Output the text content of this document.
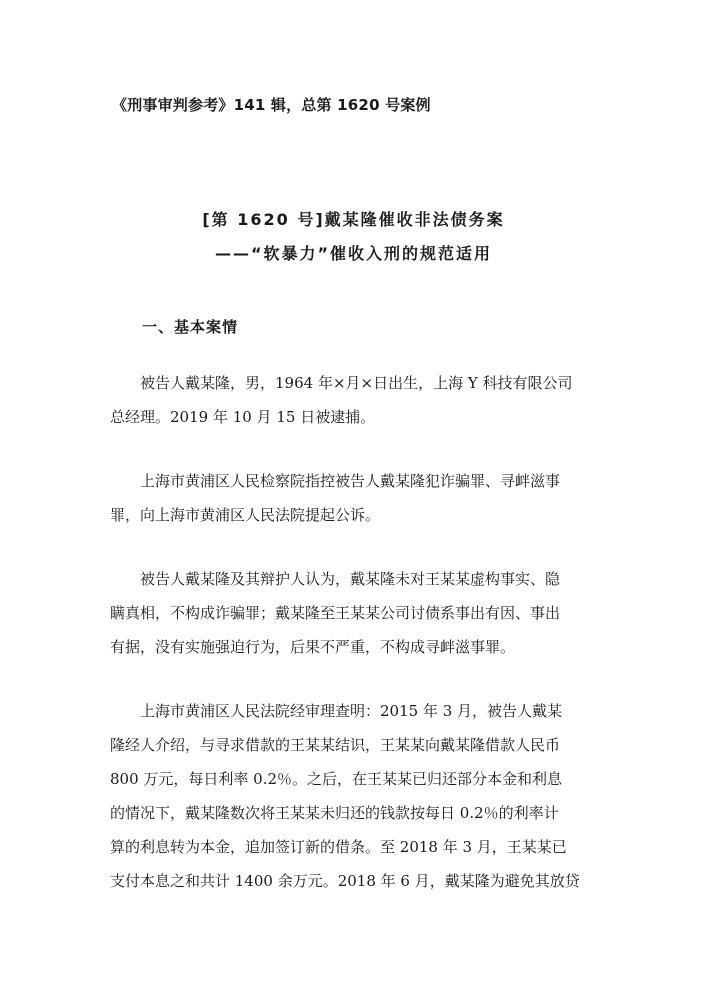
《刑事审判参考》141 辑，总第 1620 号案例
[第 1620 号]戴某隆催收非法债务案
——“软暴力”催收入刑的规范适用
一、基本案情
被告人戴某隆，男，1964 年×月×日出生，上海 Y 科技有限公司
总经理。2019 年 10 月 15 日被逮捕。
上海市黄浦区人民检察院指控被告人戴某隆犯诈骗罪、寻衅滋事
罪，向上海市黄浦区人民法院提起公诉。
被告人戴某隆及其辩护人认为，戴某隆未对王某某虚构事实、隐
瞒真相，不构成诈骗罪；戴某隆至王某某公司讨债系事出有因、事出
有据，没有实施强迫行为，后果不严重，不构成寻衅滋事罪。
上海市黄浦区人民法院经审理查明：2015 年 3 月，被告人戴某
隆经人介绍，与寻求借款的王某某结识，王某某向戴某隆借款人民币
800 万元，每日利率 0.2％。之后，在王某某已归还部分本金和利息
的情况下，戴某隆数次将王某某未归还的钱款按每日 0.2％的利率计
算的利息转为本金，追加签订新的借条。至 2018 年 3 月，王某某已
支付本息之和共计 1400 余万元。2018 年 6 月，戴某隆为避免其放贷
